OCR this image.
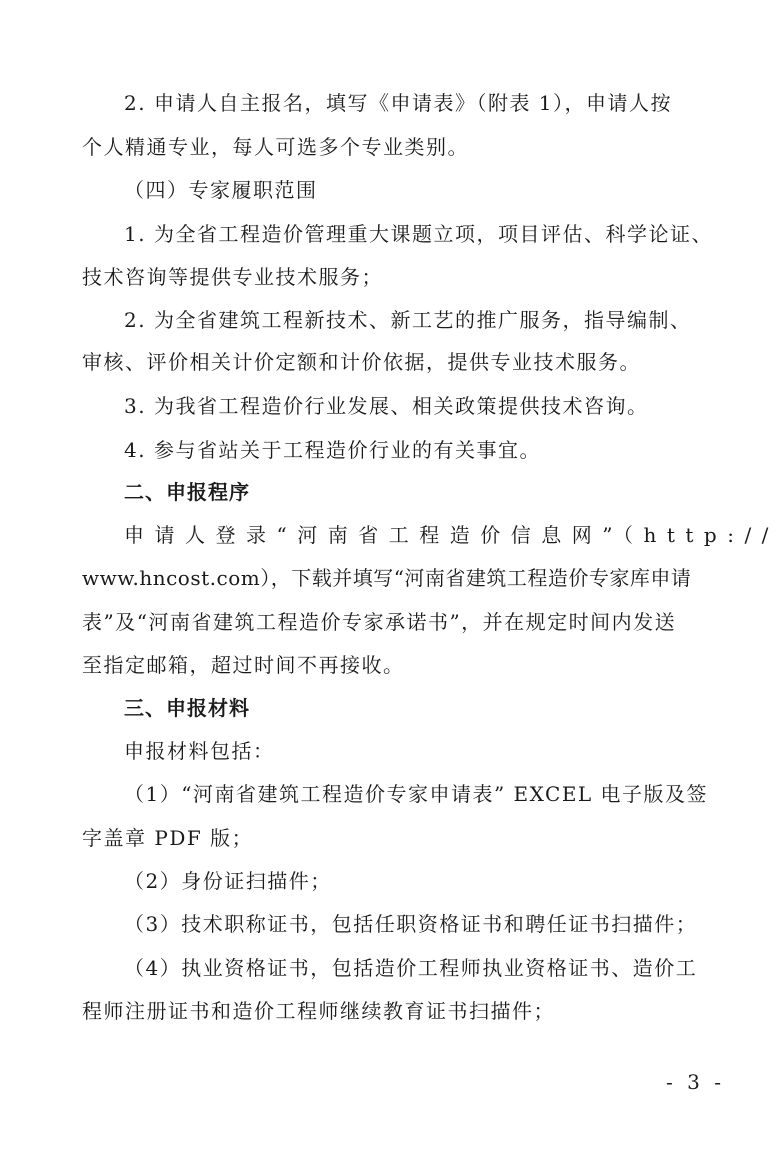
2. 申请人自主报名，填写《申请表》（附表 1），申请人按
个人精通专业，每人可选多个专业类别。
（四）专家履职范围
1. 为全省工程造价管理重大课题立项，项目评估、科学论证、
技术咨询等提供专业技术服务；
2. 为全省建筑工程新技术、新工艺的推广服务，指导编制、
审核、评价相关计价定额和计价依据，提供专业技术服务。
3. 为我省工程造价行业发展、相关政策提供技术咨询。
4. 参与省站关于工程造价行业的有关事宜。
二、申报程序
申请人登录“河南省工程造价信息网”（http://
www.hncost.com），下载并填写“河南省建筑工程造价专家库申请
表”及“河南省建筑工程造价专家承诺书”，并在规定时间内发送
至指定邮箱，超过时间不再接收。
三、申报材料
申报材料包括：
（1）“河南省建筑工程造价专家申请表” EXCEL 电子版及签
字盖章 PDF 版；
（2）身份证扫描件；
（3）技术职称证书，包括任职资格证书和聘任证书扫描件；
（4）执业资格证书，包括造价工程师执业资格证书、造价工
程师注册证书和造价工程师继续教育证书扫描件；
- 3 -
